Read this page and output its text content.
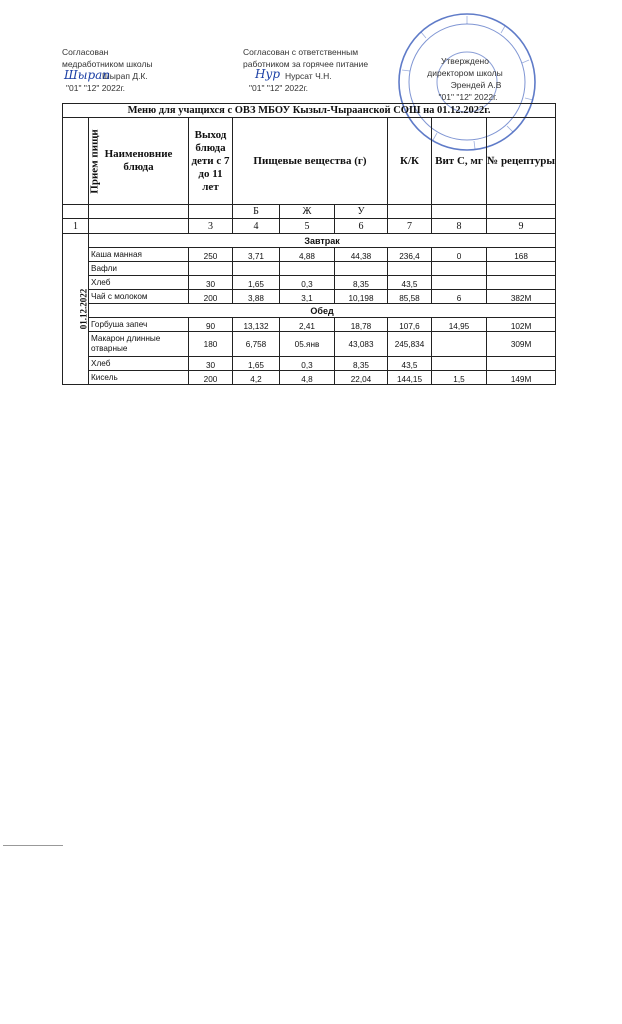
Согласован
медработником школы
Шырап Д.К.
"01" "12" 2022г.
Шырап
Согласован с ответственным
работником за горячее питание
Нурсат Ч.Н.
"01" "12" 2022г.
Нур
Утверждено
директором школы
Эрендей А.В
"01" "12" 2022г.
Меню для учащихся с ОВЗ МБОУ Кызыл-Чыраанской СОШ на 01.12.2022г.								
Прием пищи	Наименовние блюда	Выход блюда дети с 7 до 11 лет	Пищевые вещества (г)			К/К	Вит С, мг	№ рецептуры
			Б	Ж	У			
1		3	4	5	6	7	8	9
01.12.2022	Завтрак							
	Каша манная	250	3,71	4,88	44,38	236,4	0	168
	Вафли							
	Хлеб	30	1,65	0,3	8,35	43,5		
	Чай с молоком	200	3,88	3,1	10,198	85,58	6	382М
	Обед							
	Горбуша запеч	90	13,132	2,41	18,78	107,6	14,95	102М
	Макарон длинные отварные	180	6,758	05.янв	43,083	245,834		309М
	Хлеб	30	1,65	0,3	8,35	43,5		
	Кисель	200	4,2	4,8	22,04	144,15	1,5	149М
